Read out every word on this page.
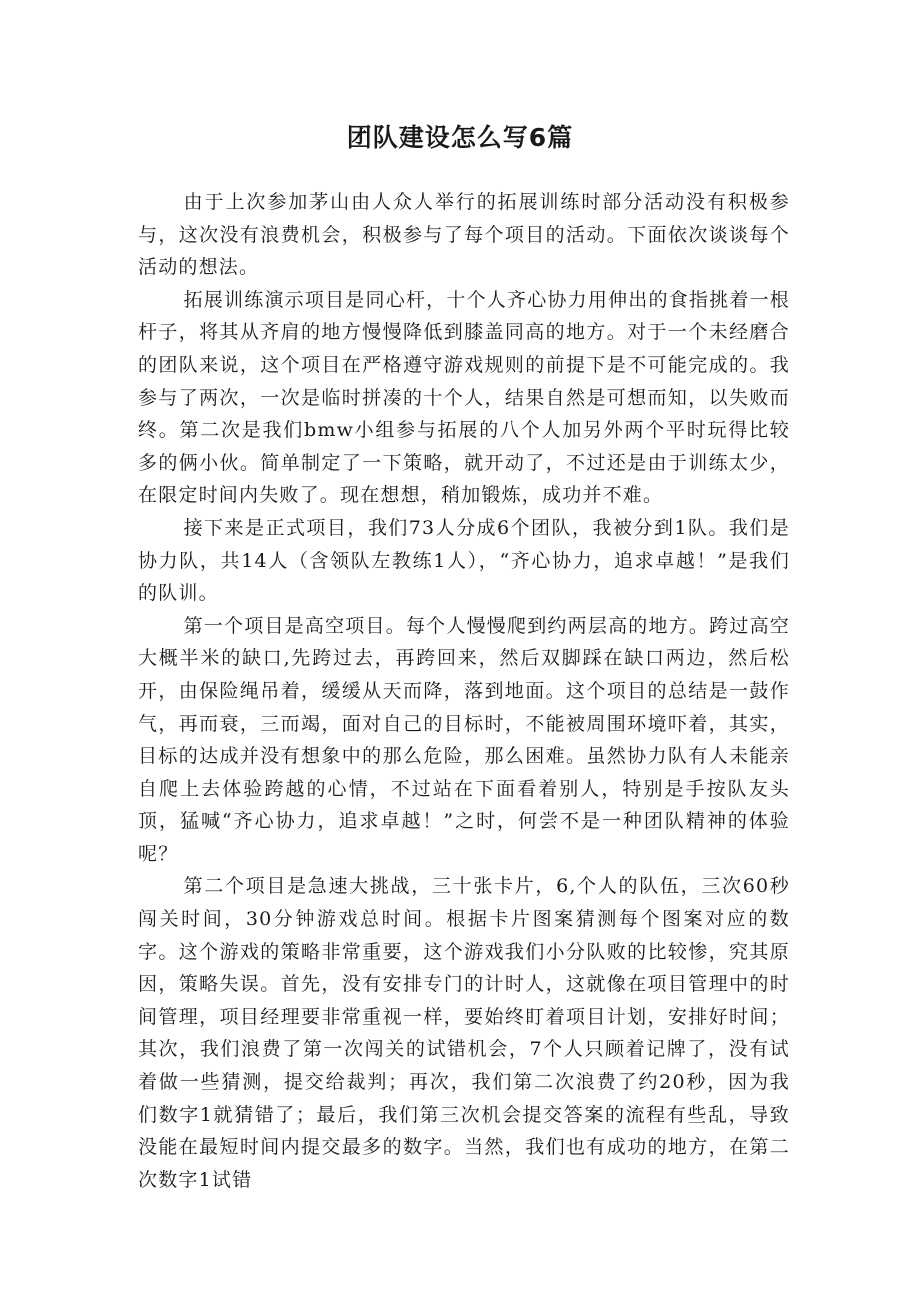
团队建设怎么写6篇

由于上次参加茅山由人众人举行的拓展训练时部分活动没有积极参与，这次没有浪费机会，积极参与了每个项目的活动。下面依次谈谈每个活动的想法。

拓展训练演示项目是同心杆，十个人齐心协力用伸出的食指挑着一根杆子，将其从齐肩的地方慢慢降低到膝盖同高的地方。对于一个未经磨合的团队来说，这个项目在严格遵守游戏规则的前提下是不可能完成的。我参与了两次，一次是临时拼凑的十个人，结果自然是可想而知，以失败而终。第二次是我们bmw小组参与拓展的八个人加另外两个平时玩得比较多的俩小伙。简单制定了一下策略，就开动了，不过还是由于训练太少，在限定时间内失败了。现在想想，稍加锻炼，成功并不难。

接下来是正式项目，我们73人分成6个团队，我被分到1队。我们是协力队，共14人（含领队左教练1人），“齐心协力，追求卓越！”是我们的队训。

第一个项目是高空项目。每个人慢慢爬到约两层高的地方。跨过高空大概半米的缺口,先跨过去，再跨回来，然后双脚踩在缺口两边，然后松开，由保险绳吊着，缓缓从天而降，落到地面。这个项目的总结是一鼓作气，再而衰，三而竭，面对自己的目标时，不能被周围环境吓着，其实，目标的达成并没有想象中的那么危险，那么困难。虽然协力队有人未能亲自爬上去体验跨越的心情，不过站在下面看着别人，特别是手按队友头顶，猛喊“齐心协力，追求卓越！”之时，何尝不是一种团队精神的体验呢？

第二个项目是急速大挑战，三十张卡片，6,个人的队伍，三次60秒闯关时间，30分钟游戏总时间。根据卡片图案猜测每个图案对应的数字。这个游戏的策略非常重要，这个游戏我们小分队败的比较惨，究其原因，策略失误。首先，没有安排专门的计时人，这就像在项目管理中的时间管理，项目经理要非常重视一样，要始终盯着项目计划，安排好时间；其次，我们浪费了第一次闯关的试错机会，7个人只顾着记牌了，没有试着做一些猜测，提交给裁判；再次，我们第二次浪费了约20秒，因为我们数字1就猜错了；最后，我们第三次机会提交答案的流程有些乱，导致没能在最短时间内提交最多的数字。当然，我们也有成功的地方，在第二次数字1试错
